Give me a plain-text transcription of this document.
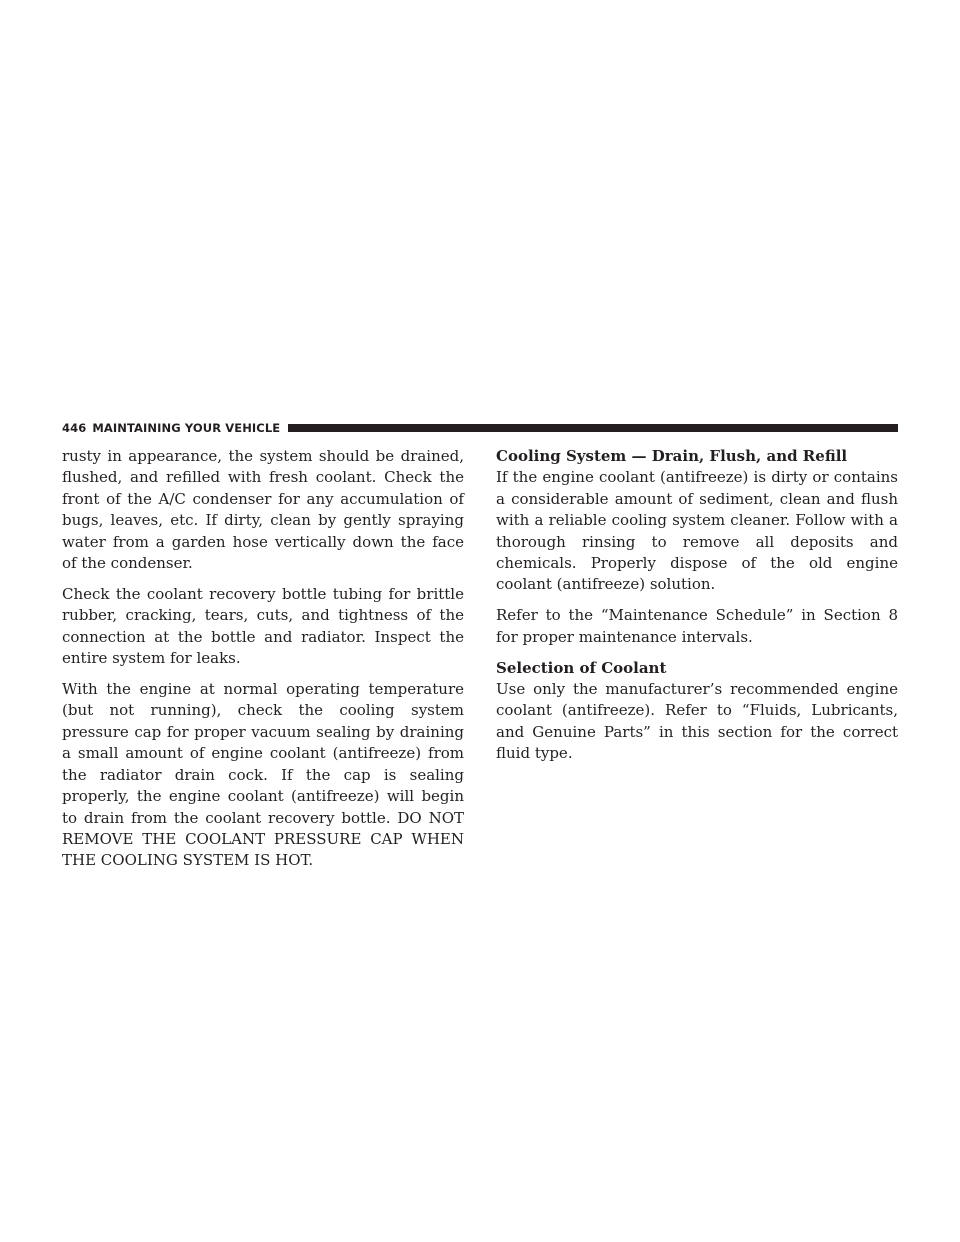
446 MAINTAINING YOUR VEHICLE

rusty in appearance, the system should be drained, flushed, and refilled with fresh coolant. Check the front of the A/C condenser for any accumulation of bugs, leaves, etc. If dirty, clean by gently spraying water from a garden hose vertically down the face of the condenser.

Check the coolant recovery bottle tubing for brittle rubber, cracking, tears, cuts, and tightness of the connection at the bottle and radiator. Inspect the entire system for leaks.

With the engine at normal operating temperature (but not running), check the cooling system pressure cap for proper vacuum sealing by draining a small amount of engine coolant (antifreeze) from the radiator drain cock. If the cap is sealing properly, the engine coolant (antifreeze) will begin to drain from the coolant recovery bottle. DO NOT REMOVE THE COOLANT PRESSURE CAP WHEN THE COOLING SYSTEM IS HOT.

Cooling System — Drain, Flush, and Refill

If the engine coolant (antifreeze) is dirty or contains a considerable amount of sediment, clean and flush with a reliable cooling system cleaner. Follow with a thorough rinsing to remove all deposits and chemicals. Properly dispose of the old engine coolant (antifreeze) solution.

Refer to the “Maintenance Schedule” in Section 8 for proper maintenance intervals.

Selection of Coolant

Use only the manufacturer’s recommended engine coolant (antifreeze). Refer to “Fluids, Lubricants, and Genuine Parts” in this section for the correct fluid type.
